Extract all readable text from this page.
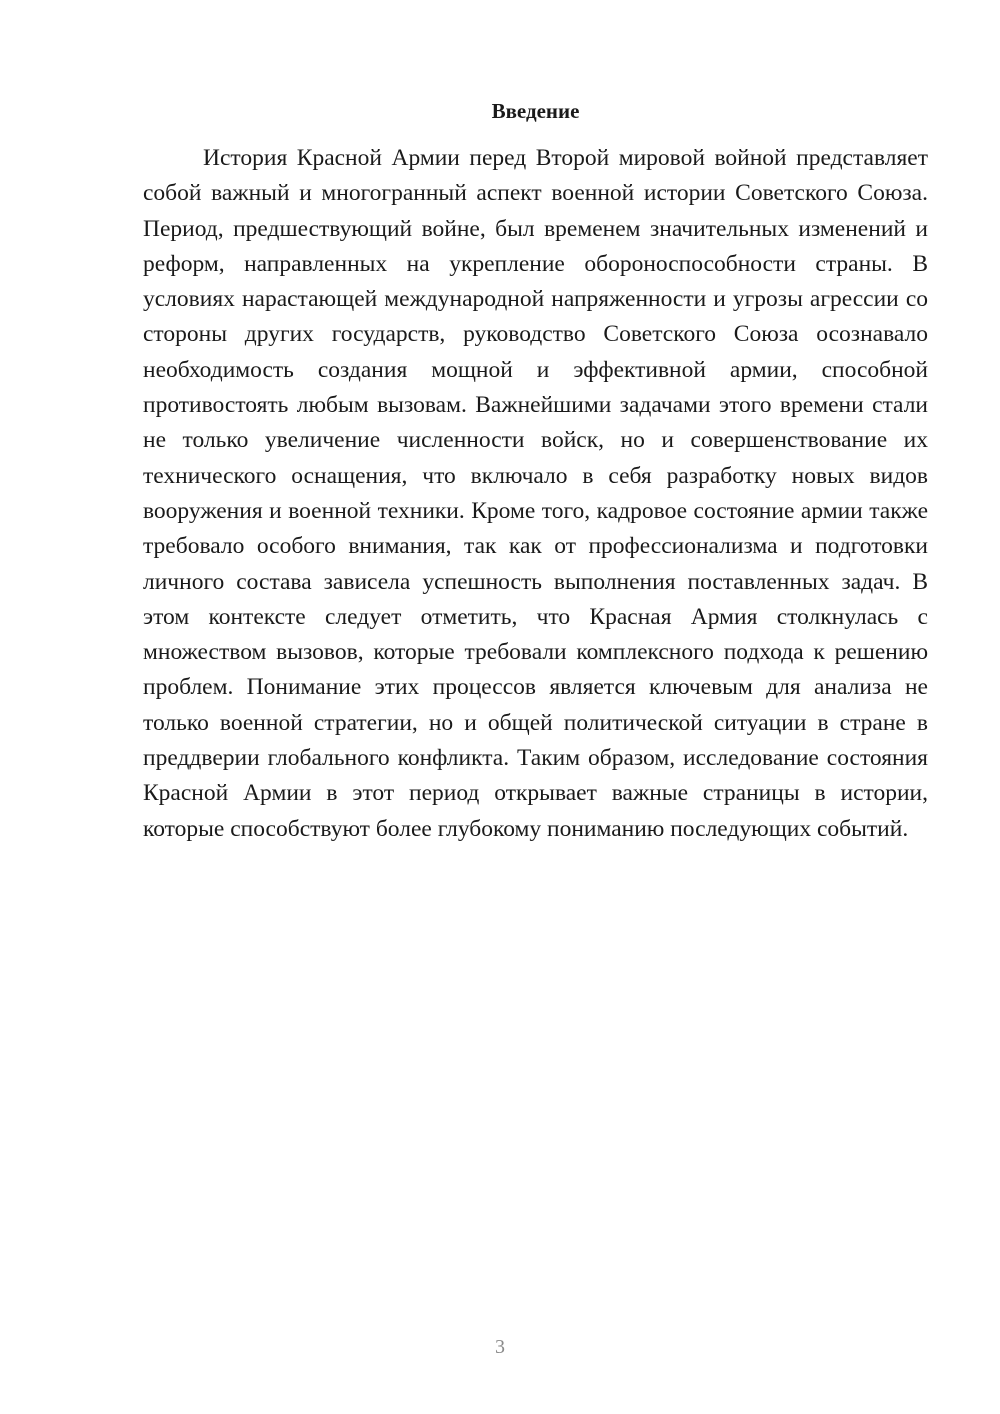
Введение

История Красной Армии перед Второй мировой войной представляет собой важный и многогранный аспект военной истории Советского Союза. Период, предшествующий войне, был временем значительных изменений и реформ, направленных на укрепление обороноспособности страны. В условиях нарастающей международной напряженности и угрозы агрессии со стороны других государств, руководство Советского Союза осознавало необходимость создания мощной и эффективной армии, способной противостоять любым вызовам. Важнейшими задачами этого времени стали не только увеличение численности войск, но и совершенствование их технического оснащения, что включало в себя разработку новых видов вооружения и военной техники. Кроме того, кадровое состояние армии также требовало особого внимания, так как от профессионализма и подготовки личного состава зависела успешность выполнения поставленных задач. В этом контексте следует отметить, что Красная Армия столкнулась с множеством вызовов, которые требовали комплексного подхода к решению проблем. Понимание этих процессов является ключевым для анализа не только военной стратегии, но и общей политической ситуации в стране в преддверии глобального конфликта. Таким образом, исследование состояния Красной Армии в этот период открывает важные страницы в истории, которые способствуют более глубокому пониманию последующих событий.

3
